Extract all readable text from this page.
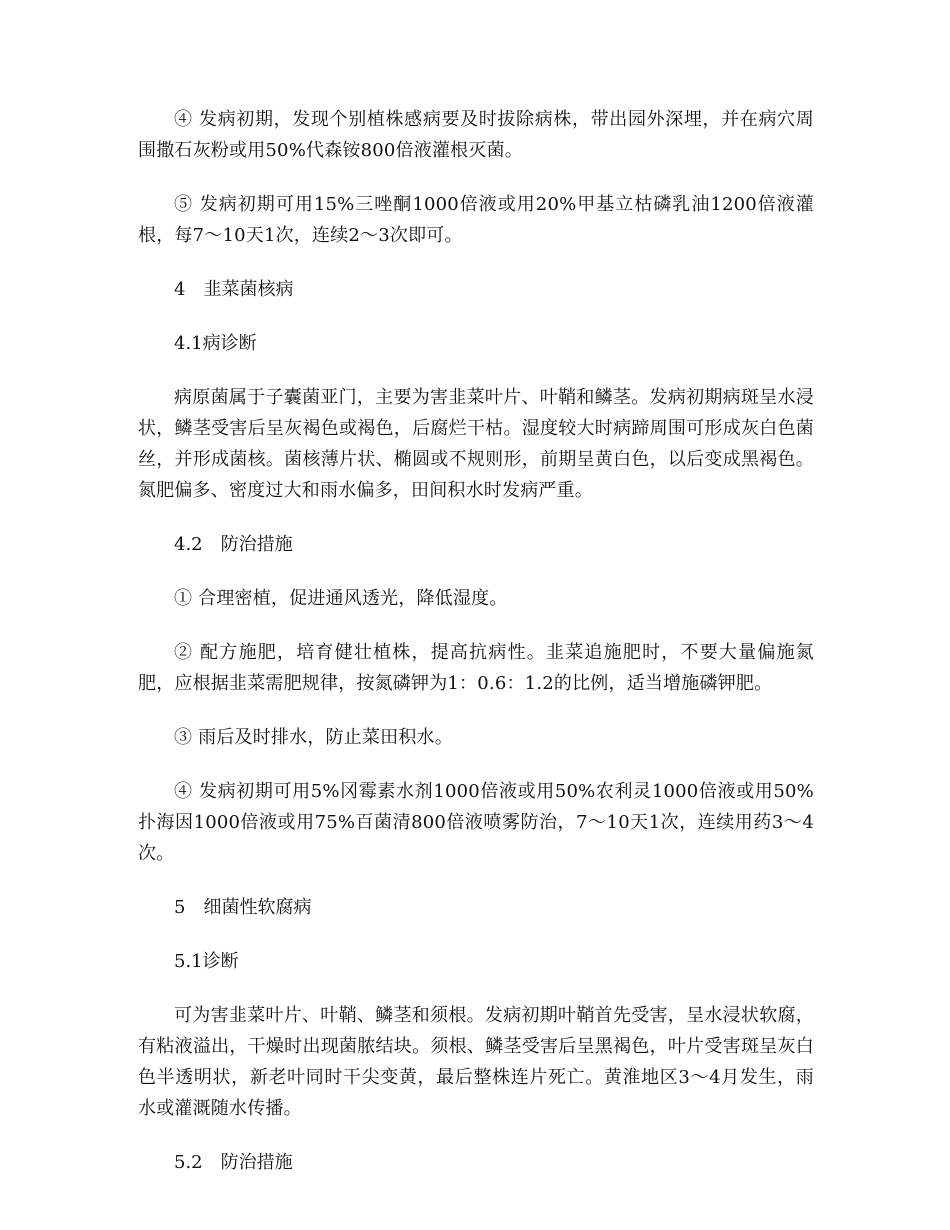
④ 发病初期，发现个别植株感病要及时拔除病株，带出园外深埋，并在病穴周围撒石灰粉或用50%代森铵800倍液灌根灭菌。

⑤ 发病初期可用15%三唑酮1000倍液或用20%甲基立枯磷乳油1200倍液灌根，每7～10天1次，连续2～3次即可。

4　韭菜菌核病

4.1病诊断

病原菌属于子囊菌亚门，主要为害韭菜叶片、叶鞘和鳞茎。发病初期病斑呈水浸状，鳞茎受害后呈灰褐色或褐色，后腐烂干枯。湿度较大时病蹄周围可形成灰白色菌丝，并形成菌核。菌核薄片状、椭圆或不规则形，前期呈黄白色，以后变成黑褐色。氮肥偏多、密度过大和雨水偏多，田间积水时发病严重。

4.2　防治措施

① 合理密植，促进通风透光，降低湿度。

② 配方施肥，培育健壮植株，提高抗病性。韭菜追施肥时，不要大量偏施氮肥，应根据韭菜需肥规律，按氮磷钾为1：0.6：1.2的比例，适当增施磷钾肥。

③ 雨后及时排水，防止菜田积水。

④ 发病初期可用5%冈霉素水剂1000倍液或用50%农利灵1000倍液或用50%扑海因1000倍液或用75%百菌清800倍液喷雾防治，7～10天1次，连续用药3～4次。

5　细菌性软腐病

5.1诊断

可为害韭菜叶片、叶鞘、鳞茎和须根。发病初期叶鞘首先受害，呈水浸状软腐，有粘液溢出，干燥时出现菌脓结块。须根、鳞茎受害后呈黑褐色，叶片受害斑呈灰白色半透明状，新老叶同时干尖变黄，最后整株连片死亡。黄淮地区3～4月发生，雨水或灌溉随水传播。

5.2　防治措施
